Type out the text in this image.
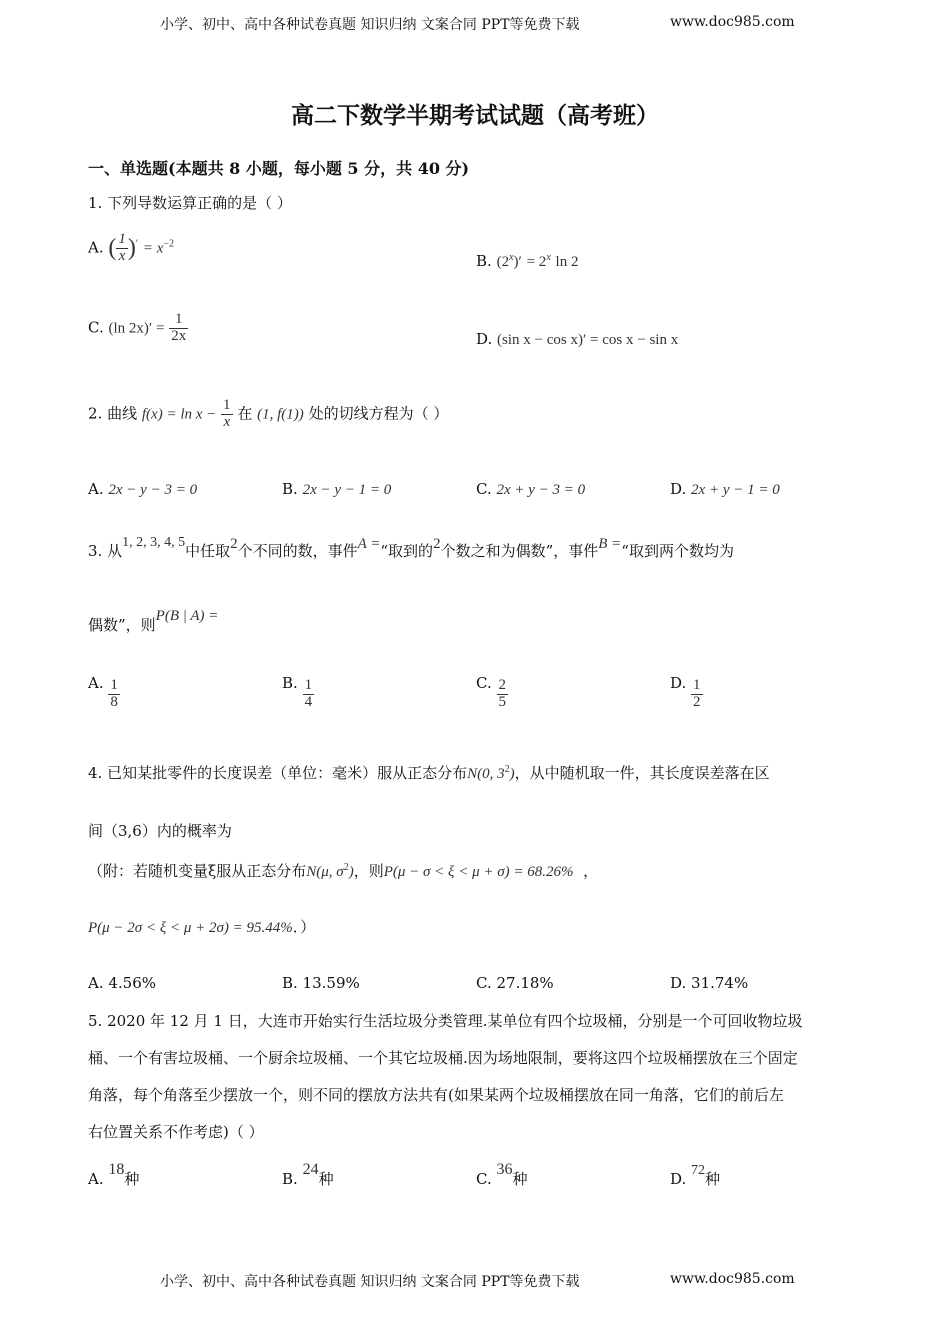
小学、初中、高中各种试卷真题 知识归纳 文案合同 PPT等免费下载	www.doc985.com
高二下数学半期考试试题（高考班）
一、单选题(本题共 8 小题，每小题 5 分，共 40 分)
1. 下列导数运算正确的是（ ）
A. ( $\frac{1}{x} )' = x^{-2}$
B. $(2^x)' = 2^x$ ln 2
C. (ln $2x)' = \frac{1}{2x}$	D. (sin x − cos x)′ = cos x − sin x
2. 曲线 $f(x) = \ln x - \frac{1}{x}$ 在 (1, f(1)) 处的切线方程为（ ）
A. 2x − y − 3 = 0	B. 2x − y − 1 = 0	C. 2x + y − 3 = 0	D. 2x + y − 1 = 0
3. 从1, 2, 3, 4, 5中任取2个不同的数，事件A =“取到的2个数之和为偶数”，事件B =“取到两个数均为
偶数”，则P(B | A) =
A. $\frac{1}{8}$	B. $\frac{1}{4}$	C. $\frac{2}{5}$	D. $\frac{1}{2}$
4. 已知某批零件的长度误差（单位：毫米）服从正态分布N(0, $3^2$)，从中随机取一件，其长度误差落在区
间（3,6）内的概率为
（附：若随机变量ξ服从正态分布N(μ, $\sigma^2$)，则P(μ − σ < ξ < μ + σ) = 68.26% ，
P(μ − 2σ < ξ < μ + 2σ) = 95.44%．）
A. 4.56%	B. 13.59%	C. 27.18%	D. 31.74%
5. 2020 年 12 月 1 日，大连市开始实行生活垃圾分类管理.某单位有四个垃圾桶，分别是一个可回收物垃圾
桶、一个有害垃圾桶、一个厨余垃圾桶、一个其它垃圾桶.因为场地限制，要将这四个垃圾桶摆放在三个固定
角落，每个角落至少摆放一个，则不同的摆放方法共有(如果某两个垃圾桶摆放在同一角落，它们的前后左
右位置关系不作考虑)（ ）
A. 18种	B. 24种	C. 36种	D. 72种
小学、初中、高中各种试卷真题 知识归纳 文案合同 PPT等免费下载	www.doc985.com
